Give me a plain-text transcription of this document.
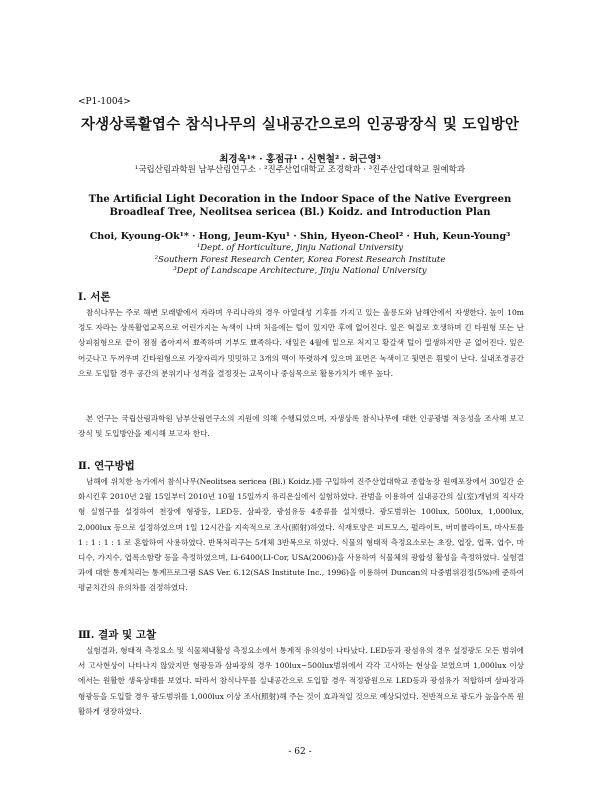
<P1-1004>
자생상록활엽수 참식나무의 실내공간으로의 인공광장식 및 도입방안
최경옥¹* · 홍점규¹ · 신현철² · 허근영³
¹국립산림과학원 남부산림연구소 · ²진주산업대학교 조경학과 · ³진주산업대학교 원예학과
The Artificial Light Decoration in the Indoor Space of the Native Evergreen
Broadleaf Tree, Neolitsea sericea (Bl.) Koidz. and Introduction Plan
Choi, Kyoung-Ok¹* · Hong, Jeum-Kyu¹ · Shin, Hyeon-Cheol² · Huh, Keun-Young³
¹Dept. of Horticulture, Jinju National University
²Southern Forest Research Center, Korea Forest Research Institute
³Dept of Landscape Architecture, Jinju National University
Ⅰ. 서론

참식나무는 주로 해변 모래밭에서 자라며 우리나라의 경우 아열대성 기후를 가지고 있는 울릉도와 남해안에서 자생한다. 높이 10m 정도 자라는 상록활엽교목으로 어린가지는 녹색이 나며 처음에는 털이 있지만 후에 없어진다. 잎은 혁질로 호생하며 긴 타원형 또는 난상피침형으로 끝이 점점 좁아져서 뾰족하며 기부도 뾰족하다. 새잎은 4월에 밑으로 처지고 황갈색 털이 밀생하지만 곧 없어진다. 잎은 어긋나고 두꺼우며 긴타원형으로 가장자리가 밋밋하고 3개의 맥이 뚜렷하게 있으며 표면은 녹색이고 뒷면은 흰빛이 난다. 실내조경공간으로 도입할 경우 공간의 분위기나 성격을 결정짓는 교목이나 중심목으로 활용가치가 매우 높다.

본 연구는 국립산림과학원 남부산림연구소의 지원에 의해 수행되었으며, 자생상록 참식나무에 대한 인공광별 적응성을 조사해 보고 장식 및 도입방안을 제시해 보고자 한다.

Ⅱ. 연구방법

남해에 위치한 농가에서 참식나무(Neolitsea sericea (Bl.) Koidz.)를 구입하여 진주산업대학교 종합농장 원예포장에서 30일간 순화시킨후 2010년 2월 15일부터 2010년 10월 15일까지 유리온실에서 실험하였다. 관범을 이용하여 실내공간의 실(室)개념의 직사각형 실험구를 설정하여 천장에 형광등, LED등, 삼파장, 광섬유등 4종류를 설치했다. 광도범위는 100lux, 500lux, 1,000lux, 2,000lux 등으로 설정하였으며 1일 12시간을 지속적으로 조사(照射)하였다. 식재토양은 피트모스, 펄라이트, 버미큘라이트, 마사토를 1 : 1 : 1 : 1 로 혼합하여 사용하였다. 반복처리구는 5개체 3반복으로 하였다. 식물의 형태적 측정요소로는 초장, 엽장, 엽폭, 엽수, 마디수, 가지수, 엽록소함량 등을 측정하였으며, Li-6400(LI-Cor, USA(2006))을 사용하여 식물체의 광합성 활성을 측정하였다. 실험결과에 대한 통계처리는 통계프로그램 SAS Ver. 6.12(SAS Institute Inc., 1996)을 이용하여 Duncan의 다중범위검정(5%)에 준하여 평균치간의 유의차를 검정하였다.

Ⅲ. 결과 및 고찰

실험결과, 형태적 측정요소 및 식물체내활성 측정요소에서 통계적 유의성이 나타났다. LED등과 광섬유의 경우 설정광도 모든 범위에서 고사현상이 나타나지 않았지만 형광등과 삼파장의 경우 100lux~500lux범위에서 각각 고사하는 현상을 보였으며 1,000lux 이상에서는 원활한 생육상태를 보였다. 따라서 참식나무를 실내공간으로 도입할 경우 적정광원으로 LED등과 광섬유가 적합하며 삼파장과 형광등을 도입할 경우 광도범위를 1,000lux 이상 조사(照射)해 주는 것이 효과적일 것으로 예상되었다. 전반적으로 광도가 높을수록 원활하게 생장하였다.

- 62 -
